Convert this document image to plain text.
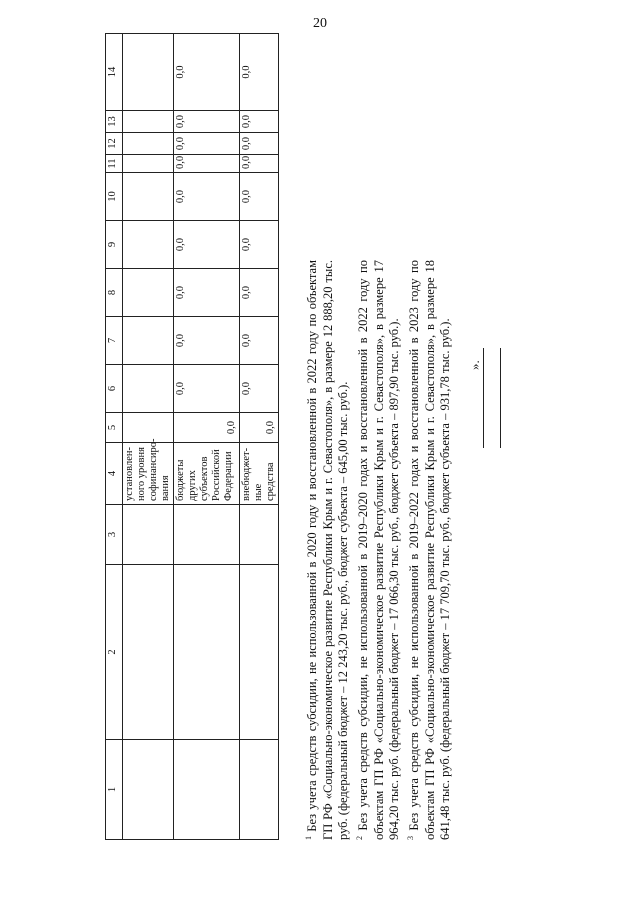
20
1	2	3	4	5	6	7	8	9	10	11	12	13	14
			установлен-ного уровня софинансиро-вания										
			бюджеты других субъектов Российской Федерации	0,0	0,0	0,0	0,0	0,0	0,0	0,0	0,0	0,0	0,0
			внебюджет-ные средства	0,0	0,0	0,0	0,0	0,0	0,0	0,0	0,0	0,0	0,0

$^1$ Без учета средств субсидии, не использованной в 2020 году и восстановленной в 2022 году по объектам ГП РФ «Социально-экономическое развитие Республики Крым и г. Севастополя», в размере 12 888,20 тыс. руб. (федеральный бюджет – 12 243,20 тыс. руб., бюджет субъекта – 645,00 тыс. руб.). $^2$ Без учета средств субсидии, не использованной в 2019–2020 годах и восстановленной в 2022 году по объектам ГП РФ «Социально-экономическое развитие Республики Крым и г. Севастополя», в размере 17 964,20 тыс. руб. (федеральный бюджет – 17 066,30 тыс. руб., бюджет субъекта – 897,90 тыс. руб.). $^3$ Без учета средств субсидии, не использованной в 2019–2022 годах и восстановленной в 2023 году по объектам ГП РФ «Социально-экономическое развитие Республики Крым и г. Севастополя», в размере 18 641,48 тыс. руб. (федеральный бюджет – 17 709,70 тыс. руб., бюджет субъекта – 931,78 тыс. руб.). ».
